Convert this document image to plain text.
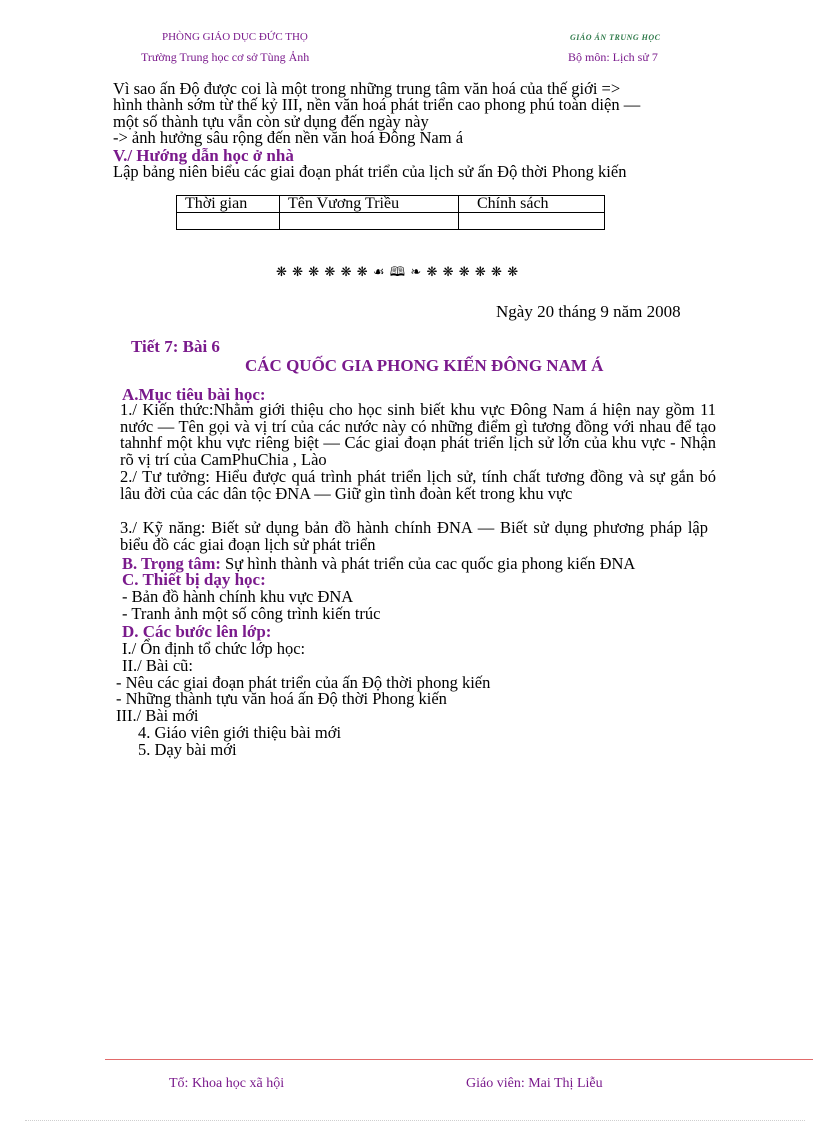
PHÒNG GIÁO DỤC ĐỨC THỌ
Trường Trung học cơ sở Tùng Ảnh
GIÁO ÁN TRUNG HỌC
Bộ môn: Lịch sử 7
Vì sao ấn Độ được coi là một trong những trung tâm văn hoá của thế giới =>
hình thành sớm từ thế kỷ III, nền văn hoá phát triển cao phong phú toàn diện —
một số thành tựu vẫn còn sử dụng đến ngày này
-> ảnh hưởng sâu rộng đến nền văn hoá Đông Nam á
V./ Hướng dẫn học ở nhà
Lập bảng niên biểu các giai đoạn phát triển của lịch sử ấn Độ thời Phong kiến
Thời gian	Tên Vương Triều	Chính sách

❋ ❋ ❋ ❋ ❋ ❋ ☙ 🕮 ❧ ❋ ❋ ❋ ❋ ❋ ❋
Ngày 20 tháng 9 năm 2008
Tiết 7: Bài 6
CÁC QUỐC GIA PHONG KIẾN ĐÔNG NAM Á
A.Mục tiêu bài học:
1./ Kiến thức:Nhằm giới thiệu cho học sinh biết khu vực Đông Nam á hiện nay gồm 11 nước — Tên gọi và vị trí của các nước này có những điểm gì tương đồng với nhau để tạo tahnhf một khu vực riêng biệt — Các giai đoạn phát triển lịch sử lớn của khu vực - Nhận rõ vị trí của CamPhuChia , Lào
2./ Tư tưởng: Hiểu được quá trình phát triển lịch sử, tính chất tương đồng và sự gắn bó lâu đời của các dân tộc ĐNA — Giữ gìn tình đoàn kết trong khu vực
3./ Kỹ năng: Biết sử dụng bản đồ hành chính ĐNA — Biết sử dụng phương pháp lập biểu đồ các giai đoạn lịch sử phát triển
B. Trọng tâm: Sự hình thành và phát triển của cac quốc gia phong kiến ĐNA
C. Thiết bị dạy học:
- Bản đồ hành chính khu vực ĐNA
- Tranh ảnh một số công trình kiến trúc
D. Các bước lên lớp:
I./ Ổn định tổ chức lớp học:
II./ Bài cũ:
- Nêu các giai đoạn phát triển của ấn Độ thời phong kiến
- Những thành tựu văn hoá ấn Độ thời Phong kiến
III./ Bài mới
4. Giáo viên giới thiệu bài mới
5. Dạy bài mới
Tổ: Khoa học xã hội	Giáo viên: Mai Thị Liễu
